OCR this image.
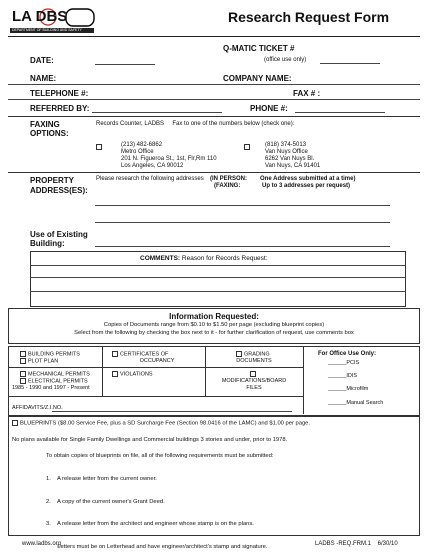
LA DBS
DEPARTMENT OF BUILDING AND SAFETY
Research Request Form
Q-MATIC TICKET #
(office use only)
DATE:
NAME:	COMPANY NAME:
TELEPHONE #:	FAX # :
REFERRED BY:	PHONE #:
FAXING
OPTIONS:
Records Counter, LADBS     Fax to one of the numbers below (check one):
(213) 482-6862
Metro Office
201 N. Figueroa St., 1st, Flr,Rm 110
Los Angeles, CA 90012
(818) 374-5013
Van Nuys Office
6262 Van Nuys Bl.
Van Nuys, CA 91401
PROPERTY
ADDRESS(ES):
Please research the following addresses (IN PERSON: One Address submitted at a time)
(FAXING:	Up to 3 addresses per request)
Use of Existing
Building:
COMMENTS: Reason for Records Request:
Information Requested:
Copies of Documents range from $0.10 to $1.50 per page (excluding blueprint copies)
Select from the following by checking the box next to it - for further clarification of request, use comments box
BUILDING PERMITS
PLOT PLAN
CERTIFICATES OF
OCCUPANCY
GRADING
DOCUMENTS
For Office Use Only:
______PCIS
MECHANICAL PERMITS
ELECTRICAL PERMITS
1985 - 1990 and 1997 - Present
VIOLATIONS
MODIFICATIONS/BOARD
FILES
______IDIS
______Microfilm
AFFIDAVITS/Z.I.NO.
______Manual Search
BLUEPRINTS ($8.00 Service Fee, plus a SD Surcharge Fee (Section 98.0416 of the LAMC) and $1.00 per page.
No plans available for Single Family Dwellings and Commercial buildings 3 stories and under, prior to 1978.
To obtain copies of blueprints on file, all of the following requirements must be submitted:

1.    A release letter from the current owner.

2.    A copy of the current owner's Grant Deed.

3.    A release letter from the architect and engineer whose stamp is on the plans.

Letters must be on Letterhead and have engineer/architect's stamp and signature.

www.ladbs.org	LADBS -REQ.FRM.1    6/30/10
